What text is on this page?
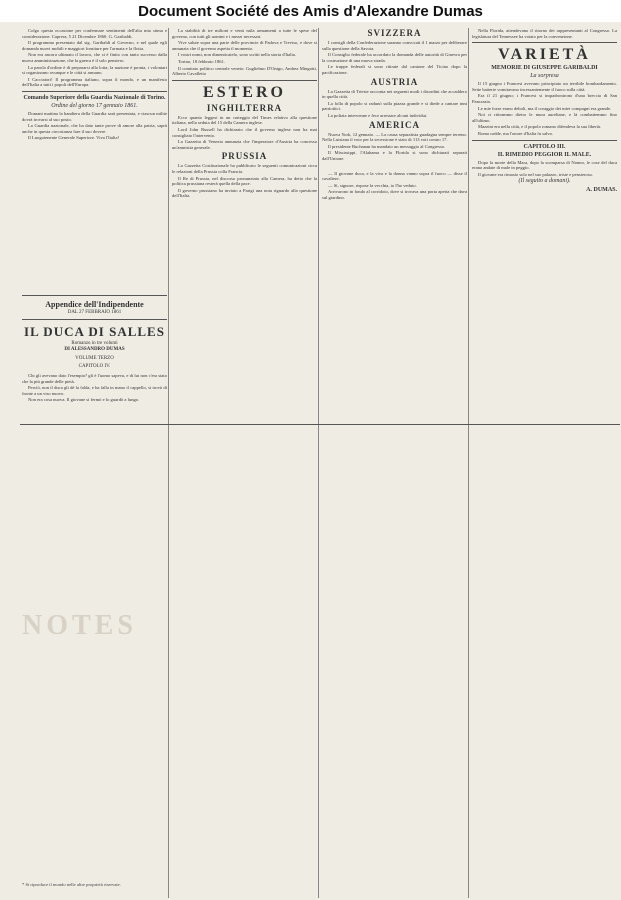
Document Société des Amis d'Alexandre Dumas
NOTES

Colgo questa occasione per confermare sentimenti dell'alta mia stima e considerazione. Caprera, 5 21 Dicembre 1860. G. Garibaldi.

Il programma presentato dal sig. Garibaldi al Governo, e nel quale egli domanda nuovi mobili e maggiori forniture per l'armata e la flotta.

Non era ancora ultimato il lavoro, che si è finito con tanto successo dalla nuova amministrazione, che la guerra è il solo pensiero.

La parola d'ordine è di prepararsi alla lotta; la nazione è pronta, i volontari si organizzano ovunque e le città si armano.

I Cacciatori! Il programma italiano, sopra il mondo, e un manifesto dell'Italia a tutti i popoli dell'Europa.

Comando Superiore della Guardia Nazionale di Torino.

Ordine del giorno 17 gennaio 1861.

Domani mattina la bandiera della Guardia sarà presentata, e ciascun milite dovrà trovarsi al suo posto.

La Guardia nazionale, che ha dato tante prove di amore alla patria, saprà anche in questa circostanza fare il suo dovere.

Il Luogotenente Generale Superiore. Viva l'Italia!

Appendice dell'Indipendente
DAL 27 FEBBRAIO 1861
IL DUCA DI SALLES
Romanzo in tre volumi
DI ALESSANDRO DUMAS
VOLUME TERZO
CAPITOLO IV.

Chi gli avevano dato l'esempio? gli è l'uomo sapeva, e di lui non c'era stato che la più grande delle pietà.

Perciò, non il duca gli dè la falda, e ha falla in mano il cappello, si trovò di fronte a un viso nuovo.

Non era cosa nuova. Il giovane si fermò e lo guardò a lungo.

La stabilità di tre milioni e venti mila armamenti a tutte le spese del governo, con tutti gli uomini e i mezzi necessari.

Vive salute sopra una parte delle provincie di Padova e Treviso, e dove si annunzia che il governo aspetta il momento.

I vostri nomi, non dimenticatelo, sono scritti nella storia d'Italia.

Torino, 18 febbraio 1861.

Il comitato politico centrale veneto: Guglielmo D'Onigo, Andrea Mingotti, Alberto Cavalletto

ESTERO

INGHILTERRA

Ecco quanto leggesi in un carteggio del Times relativo alla questione italiana, nella seduta del 15 della Camera inglese.

Lord John Russell ha dichiarato che il governo inglese non ha mai consigliato l'intervento.

La Gazzetta di Venezia annunzia che l'imperatore d'Austria ha concesso un'amnistia generale.

PRUSSIA

La Gazzetta Costituzionale ha pubblicato le seguenti comunicazioni circa le relazioni della Prussia colla Francia.

Il Re di Prussia, nel discorso pronunziato alla Camera, ha detto che la politica prussiana resterà quella della pace.

Il governo prussiano ha inviato a Parigi una nota riguardo alla questione dell'Italia.

SVIZZERA

I consigli della Confederazione saranno convocati il 1 marzo per deliberare sulla questione della Savoia.

Il Consiglio federale ha accordato la domanda delle autorità di Ginevra per la costruzione di una nuova strada.

Le truppe federali si sono ritirate dal cantone del Ticino dopo la pacificazione.

AUSTRIA

La Gazzetta di Trieste racconta nei seguenti modi i disordini che accaddero in quella città.

La folla di popolo si radunò sulla piazza grande e si diede a cantare inni patriottici.

La polizia intervenne e fece arrestare alcuni individui.

AMERICA

Nuova York, 12 gennaio. — La causa separatista guadagna sempre terreno. Nella Luisiana il voto per la secessione è stato di 113 voti contro 17.

Il presidente Buchanan ha mandato un messaggio al Congresso.

Il Mississippi, l'Alabama e la Florida si sono dichiarati separati dall'Unione.

— Il giovane duca, e la viva e la donna vanno sopra il fuoco — disse il cavaliere.

— Sì, signore, rispose la vecchia, io l'ho veduto.

Arrivarono in fondo al corridoio, dove si trovava una porta aperta che dava sul giardino.

Nella Florida, attendevano il ritorno dei rappresentanti al Congresso. La legislatura del Tennessee ha votato per la convenzione.

VARIETÀ

MEMORIE DI GIUSEPPE GARIBALDI

La sorpresa

Il 15 giugno i Francesi avevano principiato un terribile bombardamento. Sette batterie vomitavano incessantemente il fuoco sulla città.

Era il 21 giugno; i Francesi si impadronirono d'una breccia di San Pancrazio.

Le mie forze erano deboli, ma il coraggio dei miei compagni era grande.

Noi ci ritirammo dietro le mura aureliane, e là combattemmo fino all'ultimo.

Mazzini era nella città, e il popolo romano difendeva la sua libertà.

Roma cadde, ma l'onore d'Italia fu salvo.

CAPITOLO III.

IL RIMEDIO PEGGIOR IL MALE.

Dopo la morte della Mara, dopo la scomparsa di Nonno, le cose del duca erano andate di male in peggio.

Il giovane era rimasto solo nel suo palazzo, triste e pensieroso.

(Il seguito a domani).

A. DUMAS.
* Si riproduce il mondo nelle altre proprietà riservate.
